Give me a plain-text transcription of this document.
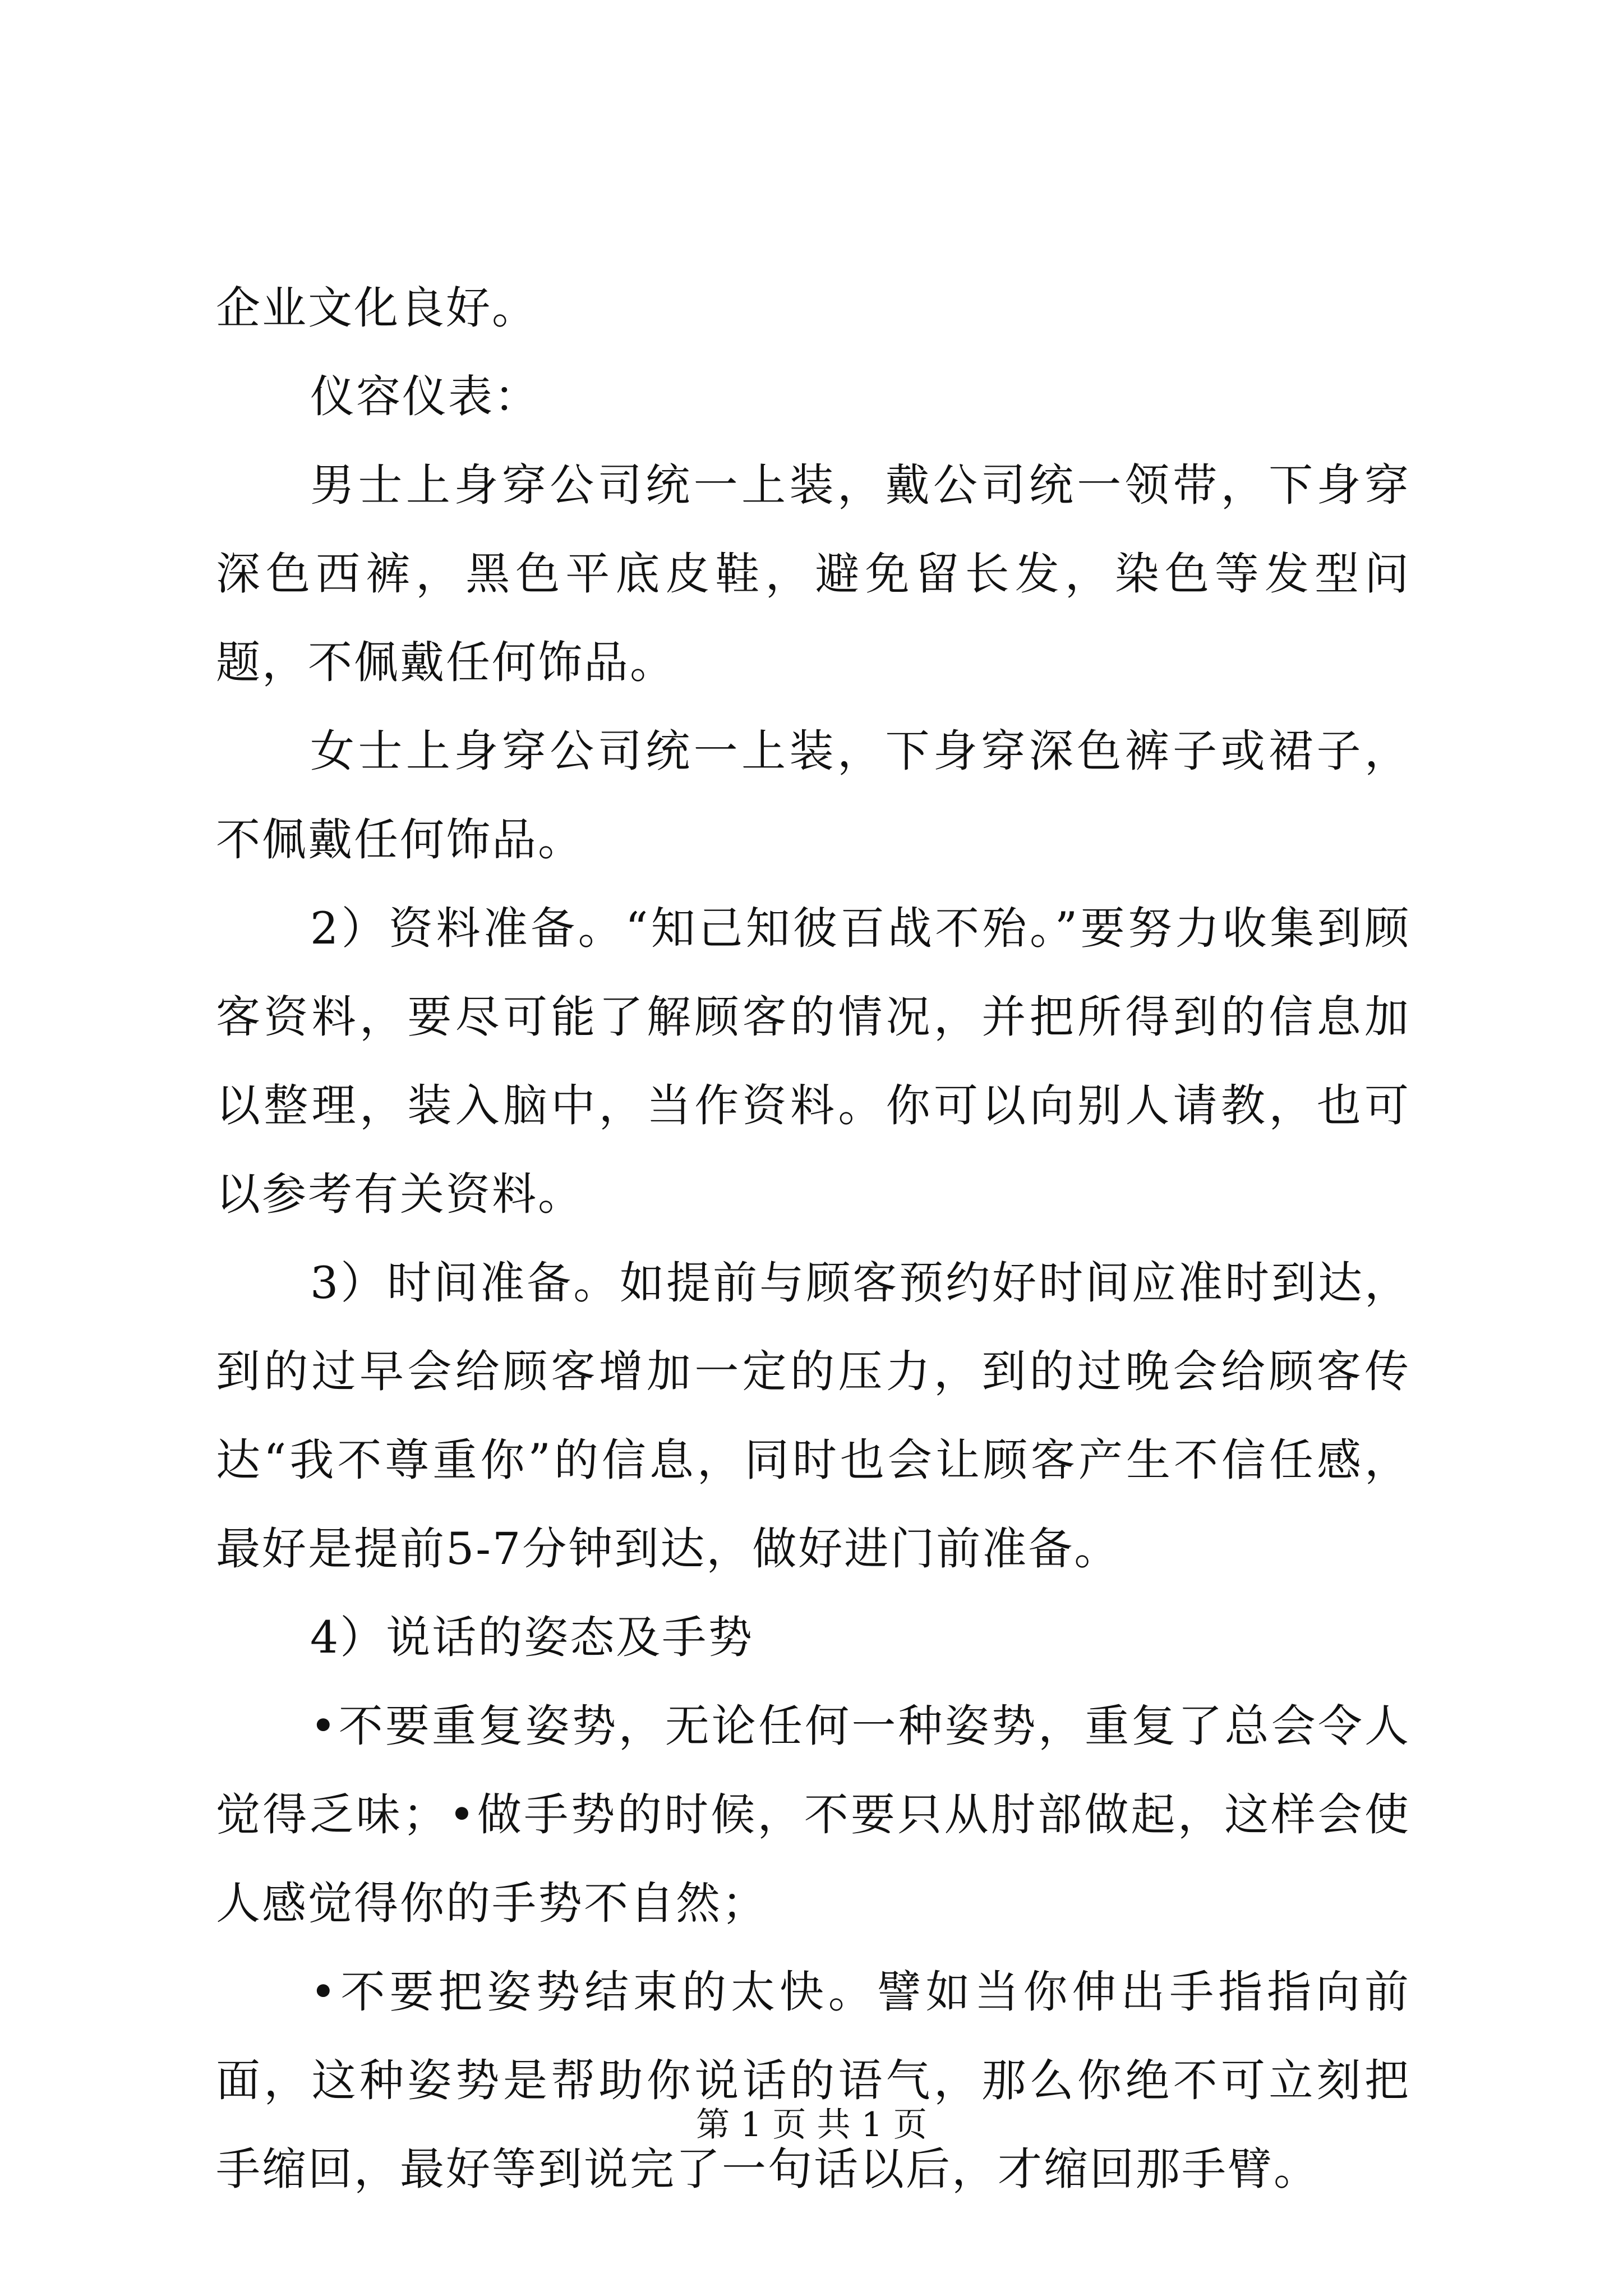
企业文化良好。

仪容仪表：

男士上身穿公司统一上装，戴公司统一领带，下身穿深色西裤，黑色平底皮鞋，避免留长发，染色等发型问题，不佩戴任何饰品。

女士上身穿公司统一上装，下身穿深色裤子或裙子，不佩戴任何饰品。

2）资料准备。“知己知彼百战不殆。”要努力收集到顾客资料，要尽可能了解顾客的情况，并把所得到的信息加以整理，装入脑中，当作资料。你可以向别人请教，也可以参考有关资料。

3）时间准备。如提前与顾客预约好时间应准时到达，到的过早会给顾客增加一定的压力，到的过晚会给顾客传达“我不尊重你”的信息，同时也会让顾客产生不信任感，最好是提前5-7分钟到达，做好进门前准备。

4）说话的姿态及手势

•不要重复姿势，无论任何一种姿势，重复了总会令人觉得乏味；•做手势的时候，不要只从肘部做起，这样会使人感觉得你的手势不自然；

•不要把姿势结束的太快。譬如当你伸出手指指向前面，这种姿势是帮助你说话的语气，那么你绝不可立刻把手缩回，最好等到说完了一句话以后，才缩回那手臂。

第 1 页 共 1 页
